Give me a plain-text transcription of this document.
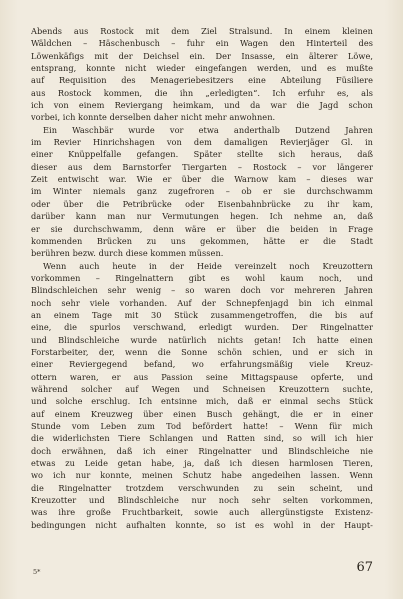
Abends aus Rostock mit dem Ziel Stralsund. In einem kleinen
Wäldchen – Häschenbusch – fuhr ein Wagen den Hinterteil des
Löwenkäfigs mit der Deichsel ein. Der Insasse, ein älterer Löwe,
entsprang, konnte nicht wieder eingefangen werden, und es mußte
auf Requisition des Menageriebesitzers eine Abteilung Füsiliere
aus Rostock kommen, die ihn „erledigten“. Ich erfuhr es, als
ich von einem Reviergang heimkam, und da war die Jagd schon
vorbei, ich konnte derselben daher nicht mehr anwohnen.
Ein Waschbär wurde vor etwa anderthalb Dutzend Jahren
im Revier Hinrichshagen von dem damaligen Revierjäger Gl. in
einer Knüppelfalle gefangen. Später stellte sich heraus, daß
dieser aus dem Barnstorfer Tiergarten – Rostock – vor längerer
Zeit entwischt war. Wie er über die Warnow kam – dieses war
im Winter niemals ganz zugefroren – ob er sie durchschwamm
oder über die Petribrücke oder Eisenbahnbrücke zu ihr kam,
darüber kann man nur Vermutungen hegen. Ich nehme an, daß
er sie durchschwamm, denn wäre er über die beiden in Frage
kommenden Brücken zu uns gekommen, hätte er die Stadt
berühren bezw. durch diese kommen müssen.
Wenn auch heute in der Heide vereinzelt noch Kreuzottern
vorkommen – Ringelnattern gibt es wohl kaum noch, und
Blindschleichen sehr wenig – so waren doch vor mehreren Jahren
noch sehr viele vorhanden. Auf der Schnepfenjagd bin ich einmal
an einem Tage mit 30 Stück zusammengetroffen, die bis auf
eine, die spurlos verschwand, erledigt wurden. Der Ringelnatter
und Blindschleiche wurde natürlich nichts getan! Ich hatte einen
Forstarbeiter, der, wenn die Sonne schön schien, und er sich in
einer Reviergegend befand, wo erfahrungsmäßig viele Kreuz-
ottern waren, er aus Passion seine Mittagspause opferte, und
während solcher auf Wegen und Schneisen Kreuzottern suchte,
und solche erschlug. Ich entsinne mich, daß er einmal sechs Stück
auf einem Kreuzweg über einen Busch gehängt, die er in einer
Stunde vom Leben zum Tod befördert hatte! – Wenn für mich
die widerlichsten Tiere Schlangen und Ratten sind, so will ich hier
doch erwähnen, daß ich einer Ringelnatter und Blindschleiche nie
etwas zu Leide getan habe, ja, daß ich diesen harmlosen Tieren,
wo ich nur konnte, meinen Schutz habe angedeihen lassen. Wenn
die Ringelnatter trotzdem verschwunden zu sein scheint, und
Kreuzotter und Blindschleiche nur noch sehr selten vorkommen,
was ihre große Fruchtbarkeit, sowie auch allergünstigste Existenz-
bedingungen nicht aufhalten konnte, so ist es wohl in der Haupt-
5*	67
